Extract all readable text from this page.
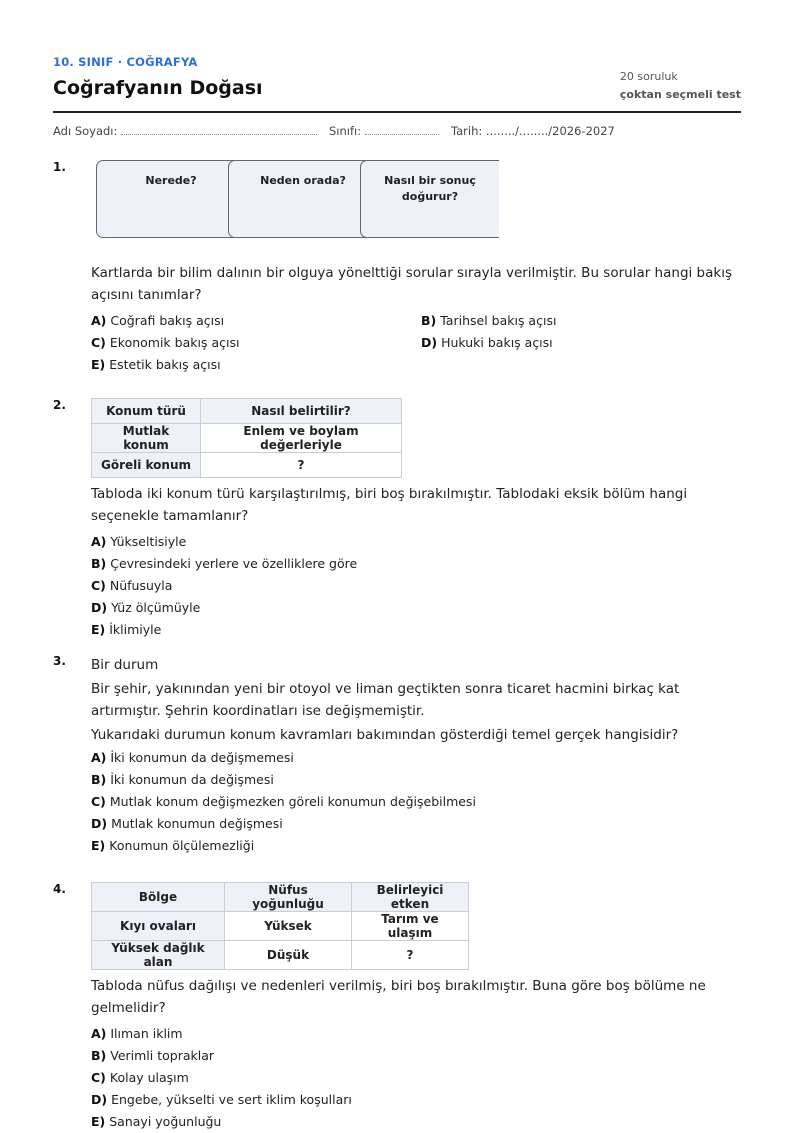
10. SINIF · COĞRAFYA
Coğrafyanın Doğası
20 soruluk
çoktan seçmeli test
Adı Soyadı:	Sınıfı:	Tarih: ......../......../2026-2027
1.
Nerede?	Neden orada?	Nasıl bir sonuç doğurur?

Kartlarda bir bilim dalının bir olguya yöneltti̇ği sorular sırayla verilmiştir. Bu sorular hangi bakış açısını tanımlar?

A) Coğrafi bakış açısı	B) Tarihsel bakış açısı
C) Ekonomik bakış açısı	D) Hukuki bakış açısı
E) Estetik bakış açısı
2.	Konum türü	Nasıl belirtilir?
Mutlak konum	Enlem ve boylam değerleriyle
Göreli konum	?

Tabloda iki konum türü karşılaştırılmış, biri boş bırakılmıştır. Tablodaki eksik bölüm hangi seçenekle tamamlanır?

A) Yükseltisiyle
B) Çevresindeki yerlere ve özelliklere göre
C) Nüfusuyla
D) Yüz ölçümüyle
E) İklimiyle
3. Bir durum

Bir şehir, yakınından yeni bir otoyol ve liman geçtikten sonra ticaret hacmini birkaç kat artırmıştır. Şehrin koordinatları ise değişmemiştir.

Yukarıdaki durumun konum kavramları bakımından gösterdiği temel gerçek hangisidir?

A) İki konumun da değişmemesi
B) İki konumun da değişmesi
C) Mutlak konum değişmezken göreli konumun değişebilmesi
D) Mutlak konumun değişmesi
E) Konumun ölçülemezliği
4.
Bölge	Nüfus yoğunluğu	Belirleyici etken
Kıyı ovaları	Yüksek	Tarım ve ulaşım
Yüksek dağlık alan	Düşük	?

Tabloda nüfus dağılışı ve nedenleri verilmiş, biri boş bırakılmıştır. Buna göre boş bölüme ne gelmelidir?

A) Ilıman iklim
B) Verimli topraklar
C) Kolay ulaşım
D) Engebe, yükselti ve sert iklim koşulları
E) Sanayi yoğunluğu
